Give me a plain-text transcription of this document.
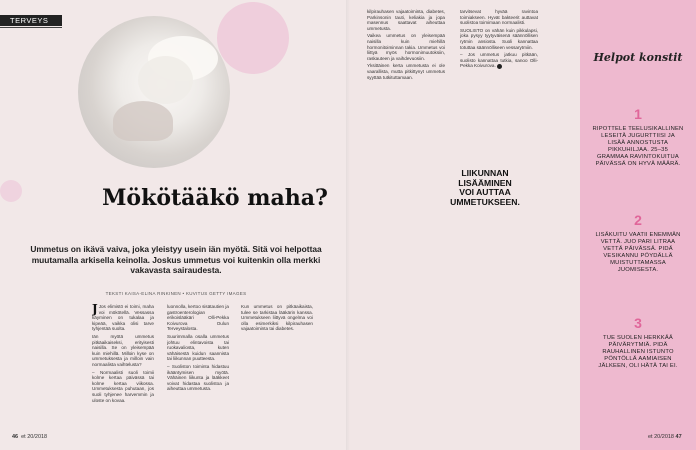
TERVEYS
Mökötääkö maha?

Ummetus on ikävä vaiva, joka yleistyy usein iän myötä. Sitä voi helpottaa muutamalla arkisella keinolla. Joskus ummetus voi kuitenkin olla merkki vakavasta sairaudesta.

TEKSTI KAISA-ELINA RINKINEN • KUVITUS GETTY IMAGES

J Jos elimistö ei toimi, maha voi mökötellä. Vessassa käyminen on tukalaa ja kipeää, vaikka olisi tarve tyhjentää suolta.

Iän myötä ummetus pitkäaikaiseksi, erityisesti naisilla. Se on yleisempää kuin miehillä. Milloin kyse on ummetuksesta ja milloin vain normaalista vaihtelusta?

– Normaalisti suoli toimii kolme kertaa päivässä tai kolme kertaa viikossa. Ummetuksesta puhutaan, jos suoli tyhjenee harvemmin ja uloste on kovaa.

luonnolla, kertoo sisätautien ja gastroenterologian erikoislääkäri Olli-Pekka Koivurova Oulun Terveystalosta.

Suurimmalla osalla ummetus johtuu elintavoista tai ruokavaliosta, kuten vähäisestä kuidun saannista tai liikunnan puutteesta.

– Suoliston toiminta hidastuu ikääntymisen myötä. Vähäinen liikunta ja lääkkeet voivat hidastaa suolistoa ja aiheuttaa ummetusta.

Kun ummetus on pitkäaikaista, tulee se tarkistaa lääkärin kanssa. Ummetukseen liittyvä ongelma voi olla esimerkiksi kilpirauhasen vajaatoiminta tai diabetes.

46 et 20/2018

kilpirauhasen vajaatoiminta, diabetes, Parkinsonin tauti, keliakia ja jopa masennus saattavat aiheuttaa ummetusta.

Vaikea ummetus on yleisempää naisilla kuin miehillä hormonitoiminnan takia. Ummetus voi liittyä myös hormonimuutoksiin, raskauteen ja vaihdevuosiin.

Yksittäinen kerta ummetusta ei ole vaarallista, mutta pitkittynyt ummetus syyttää tutkituttamaan.

tarvitsevat hyvää ravintoa toimiakseen. Hyvät bakteerit auttavat suolistoa toimimaan normaalisti.

SUOLISTO on vähän kuin pikkulapsi, joka pysyy tyytyväisenä säännöllisen rytmin ansiosta. Suoli kannattaa totuttaa säännölliseen vessarytmiin.

– Jos ummetus jatkuu pitkään, suolisto kannattaa tutkia, sanoo Olli-Pekka Koivurova.

LIIKUNNAN LISÄÄMINEN VOI AUTTAA UMMETUKSEEN.
Helpot konstit
1
RIPOTTELE TEELUSIKALLINEN LESEITÄ JUGURTTIISI JA LISÄÄ ANNOSTUSTA PIKKUHILJAA. 25–35 GRAMMAA RAVINTOKUITUA PÄIVÄSSÄ ON HYVÄ MÄÄRÄ.
2
LISÄKUITU VAATII ENEMMÄN VETTÄ. JUO PARI LITRAA VETTÄ PÄIVÄSSÄ. PIDÄ VESIKANNU PÖYDÄLLÄ MUISTUTTAMASSA JUOMISESTA.
3
TUE SUOLEN HERKKÄÄ PÄIVÄRYTMIÄ. PIDÄ RAUHALLINEN ISTUNTO PÖNTÖLLÄ AAMIAISEN JÄLKEEN, OLI HÄTÄ TAI EI.
et 20/2018 47
